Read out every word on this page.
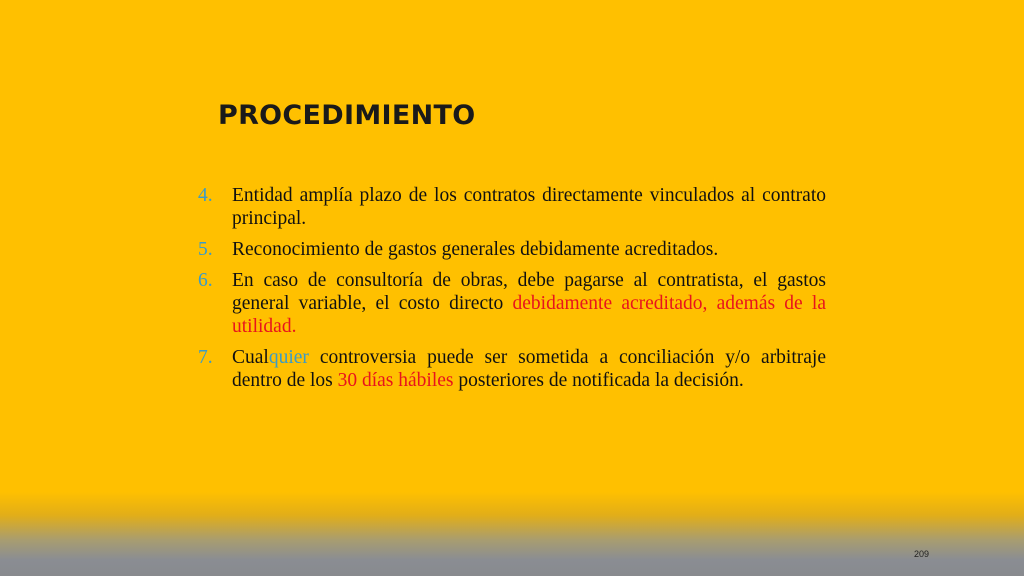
PROCEDIMIENTO
4. Entidad amplía plazo de los contratos directamente vinculados al contrato principal.
5. Reconocimiento de gastos generales debidamente acreditados.
6. En caso de consultoría de obras, debe pagarse al contratista, el gastos general variable, el costo directo debidamente acreditado, además de la utilidad.
7. Cualquier controversia puede ser sometida a conciliación y/o arbitraje dentro de los 30 días hábiles posteriores de notificada la decisión.
209
